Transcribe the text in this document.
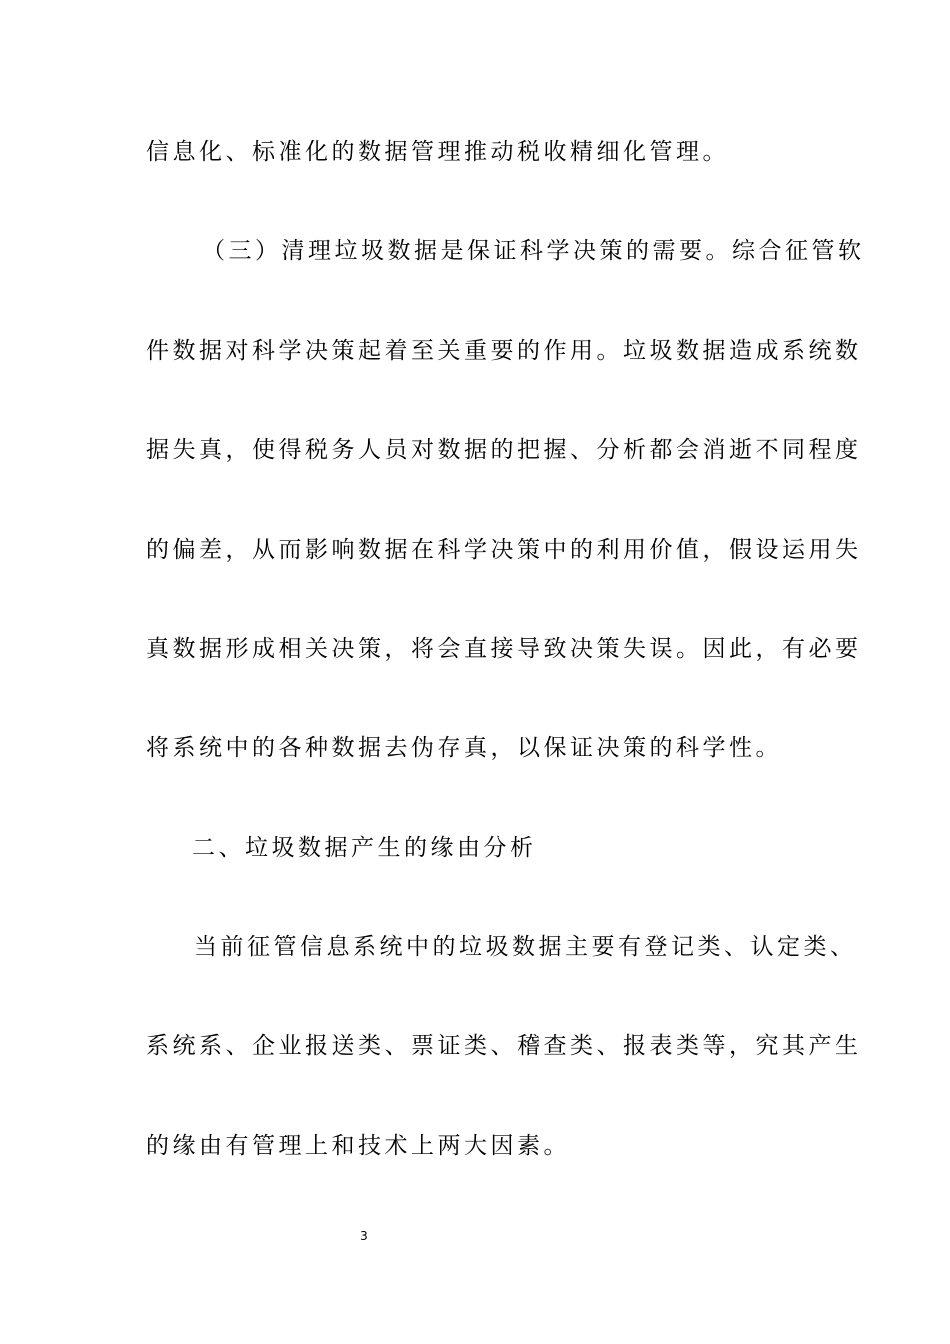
信息化、标准化的数据管理推动税收精细化管理。
（三）清理垃圾数据是保证科学决策的需要。综合征管软
件数据对科学决策起着至关重要的作用。垃圾数据造成系统数
据失真，使得税务人员对数据的把握、分析都会消逝不同程度
的偏差，从而影响数据在科学决策中的利用价值，假设运用失
真数据形成相关决策，将会直接导致决策失误。因此，有必要
将系统中的各种数据去伪存真，以保证决策的科学性。
二、垃圾数据产生的缘由分析
当前征管信息系统中的垃圾数据主要有登记类、认定类、
系统系、企业报送类、票证类、稽查类、报表类等，究其产生
的缘由有管理上和技术上两大因素。
3
